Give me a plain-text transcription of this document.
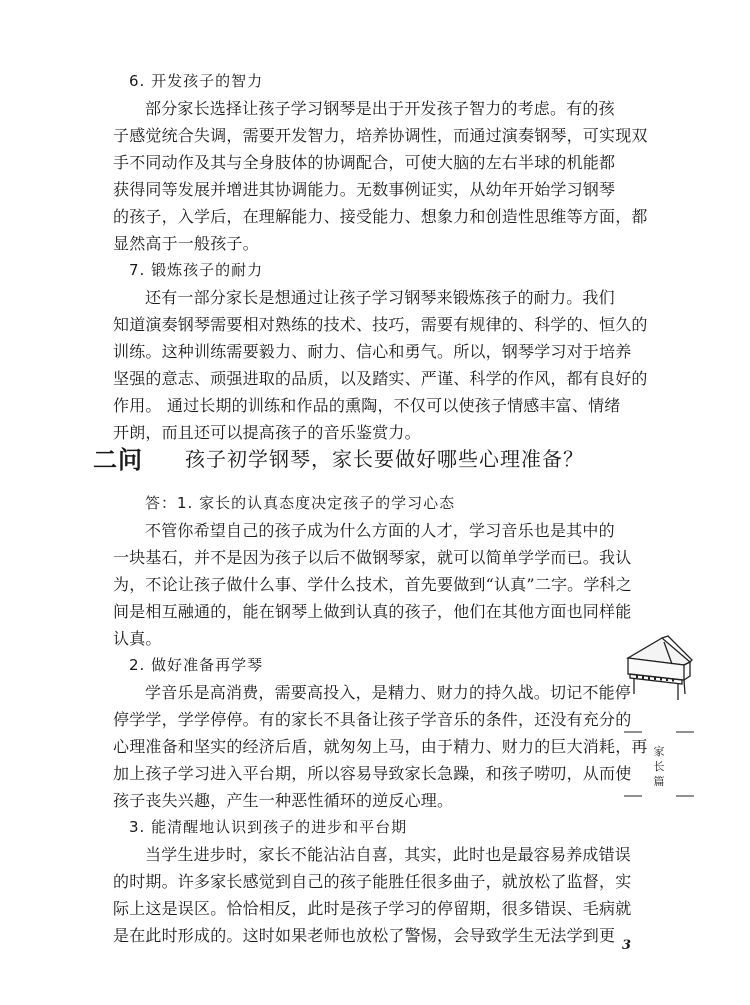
6. 开发孩子的智力
部分家长选择让孩子学习钢琴是出于开发孩子智力的考虑。有的孩
子感觉统合失调，需要开发智力，培养协调性，而通过演奏钢琴，可实现双
手不同动作及其与全身肢体的协调配合，可使大脑的左右半球的机能都
获得同等发展并增进其协调能力。无数事例证实，从幼年开始学习钢琴
的孩子，入学后，在理解能力、接受能力、想象力和创造性思维等方面，都
显然高于一般孩子。
7. 锻炼孩子的耐力
还有一部分家长是想通过让孩子学习钢琴来锻炼孩子的耐力。我们
知道演奏钢琴需要相对熟练的技术、技巧，需要有规律的、科学的、恒久的
训练。这种训练需要毅力、耐力、信心和勇气。所以，钢琴学习对于培养
坚强的意志、顽强进取的品质，以及踏实、严谨、科学的作风，都有良好的
作用。 通过长期的训练和作品的熏陶，不仅可以使孩子情感丰富、情绪
开朗，而且还可以提高孩子的音乐鉴赏力。
二问 孩子初学钢琴，家长要做好哪些心理准备？
答：1. 家长的认真态度决定孩子的学习心态
不管你希望自己的孩子成为什么方面的人才，学习音乐也是其中的
一块基石，并不是因为孩子以后不做钢琴家，就可以简单学学而已。我认
为，不论让孩子做什么事、学什么技术，首先要做到“认真”二字。学科之
间是相互融通的，能在钢琴上做到认真的孩子，他们在其他方面也同样能
认真。
2. 做好准备再学琴
学音乐是高消费，需要高投入，是精力、财力的持久战。切记不能停
停学学，学学停停。有的家长不具备让孩子学音乐的条件，还没有充分的
心理准备和坚实的经济后盾，就匆匆上马，由于精力、财力的巨大消耗，再
加上孩子学习进入平台期，所以容易导致家长急躁，和孩子唠叨，从而使
孩子丧失兴趣，产生一种恶性循环的逆反心理。
3. 能清醒地认识到孩子的进步和平台期
当学生进步时，家长不能沾沾自喜，其实，此时也是最容易养成错误
的时期。许多家长感觉到自己的孩子能胜任很多曲子，就放松了监督，实
际上这是误区。恰恰相反，此时是孩子学习的停留期，很多错误、毛病就
是在此时形成的。这时如果老师也放松了警惕，会导致学生无法学到更
家长篇
3
